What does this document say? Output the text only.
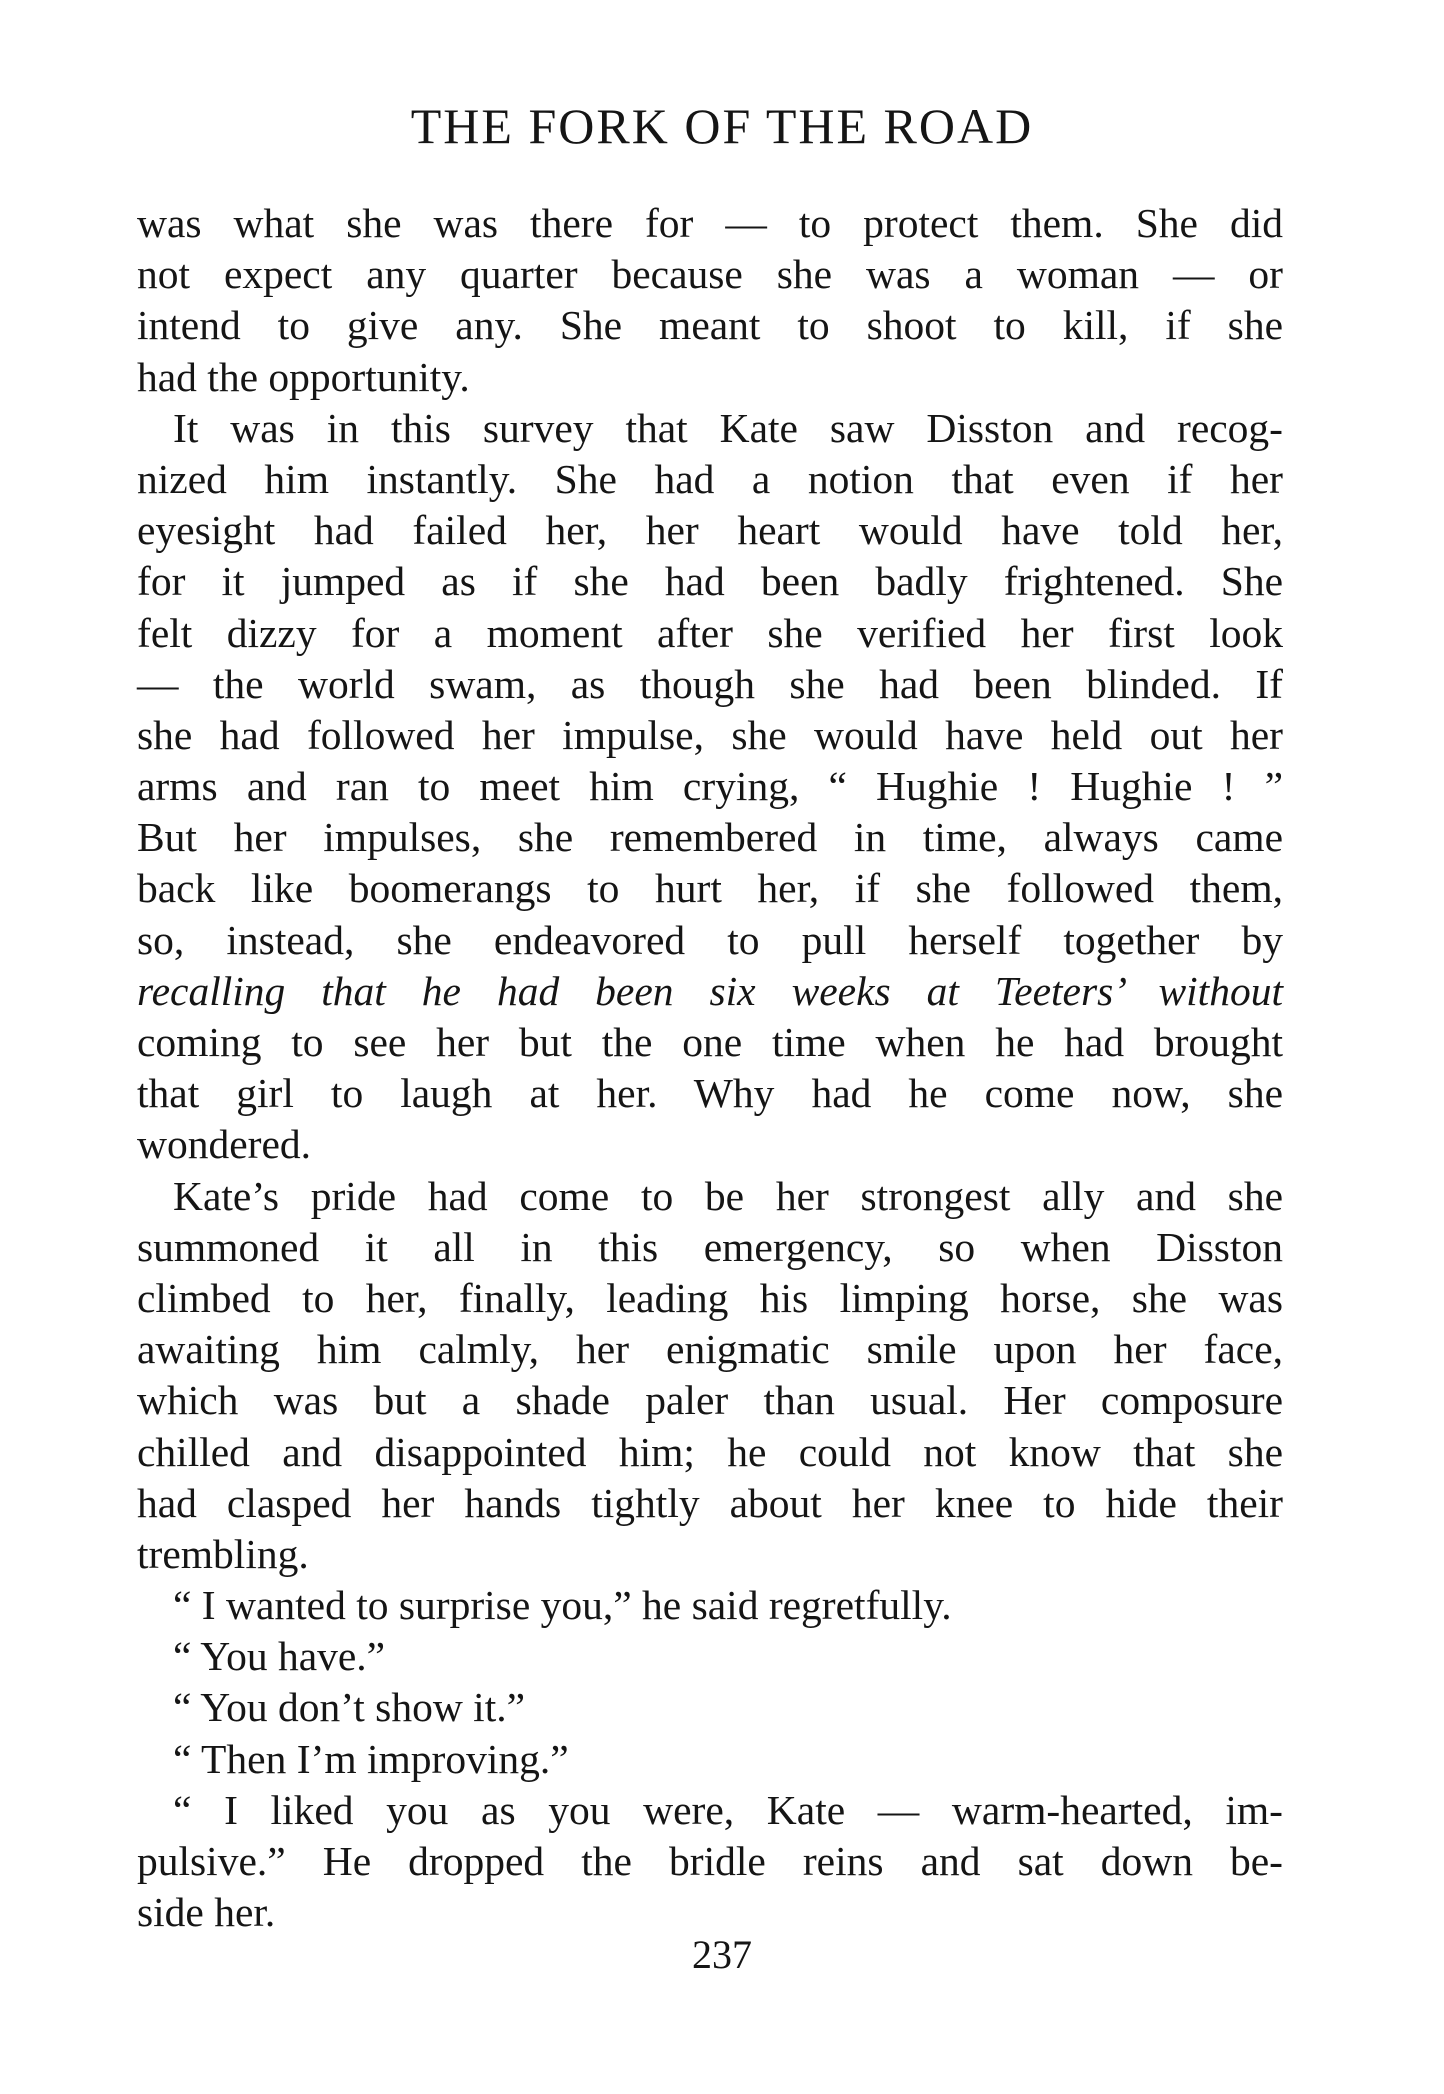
THE FORK OF THE ROAD
was what she was there for — to protect them. She did
not expect any quarter because she was a woman — or
intend to give any. She meant to shoot to kill, if she
had the opportunity.
It was in this survey that Kate saw Disston and recog-
nized him instantly. She had a notion that even if her
eyesight had failed her, her heart would have told her,
for it jumped as if she had been badly frightened. She
felt dizzy for a moment after she verified her first look
— the world swam, as though she had been blinded. If
she had followed her impulse, she would have held out her
arms and ran to meet him crying, “ Hughie ! Hughie ! ”
But her impulses, she remembered in time, always came
back like boomerangs to hurt her, if she followed them,
so, instead, she endeavored to pull herself together by
recalling that he had been six weeks at Teeters’ without
coming to see her but the one time when he had brought
that girl to laugh at her. Why had he come now, she
wondered.
Kate’s pride had come to be her strongest ally and she
summoned it all in this emergency, so when Disston
climbed to her, finally, leading his limping horse, she was
awaiting him calmly, her enigmatic smile upon her face,
which was but a shade paler than usual. Her composure
chilled and disappointed him; he could not know that she
had clasped her hands tightly about her knee to hide their
trembling.
“ I wanted to surprise you,” he said regretfully.
“ You have.”
“ You don’t show it.”
“ Then I’m improving.”
“ I liked you as you were, Kate — warm-hearted, im-
pulsive.” He dropped the bridle reins and sat down be-
side her.
237
